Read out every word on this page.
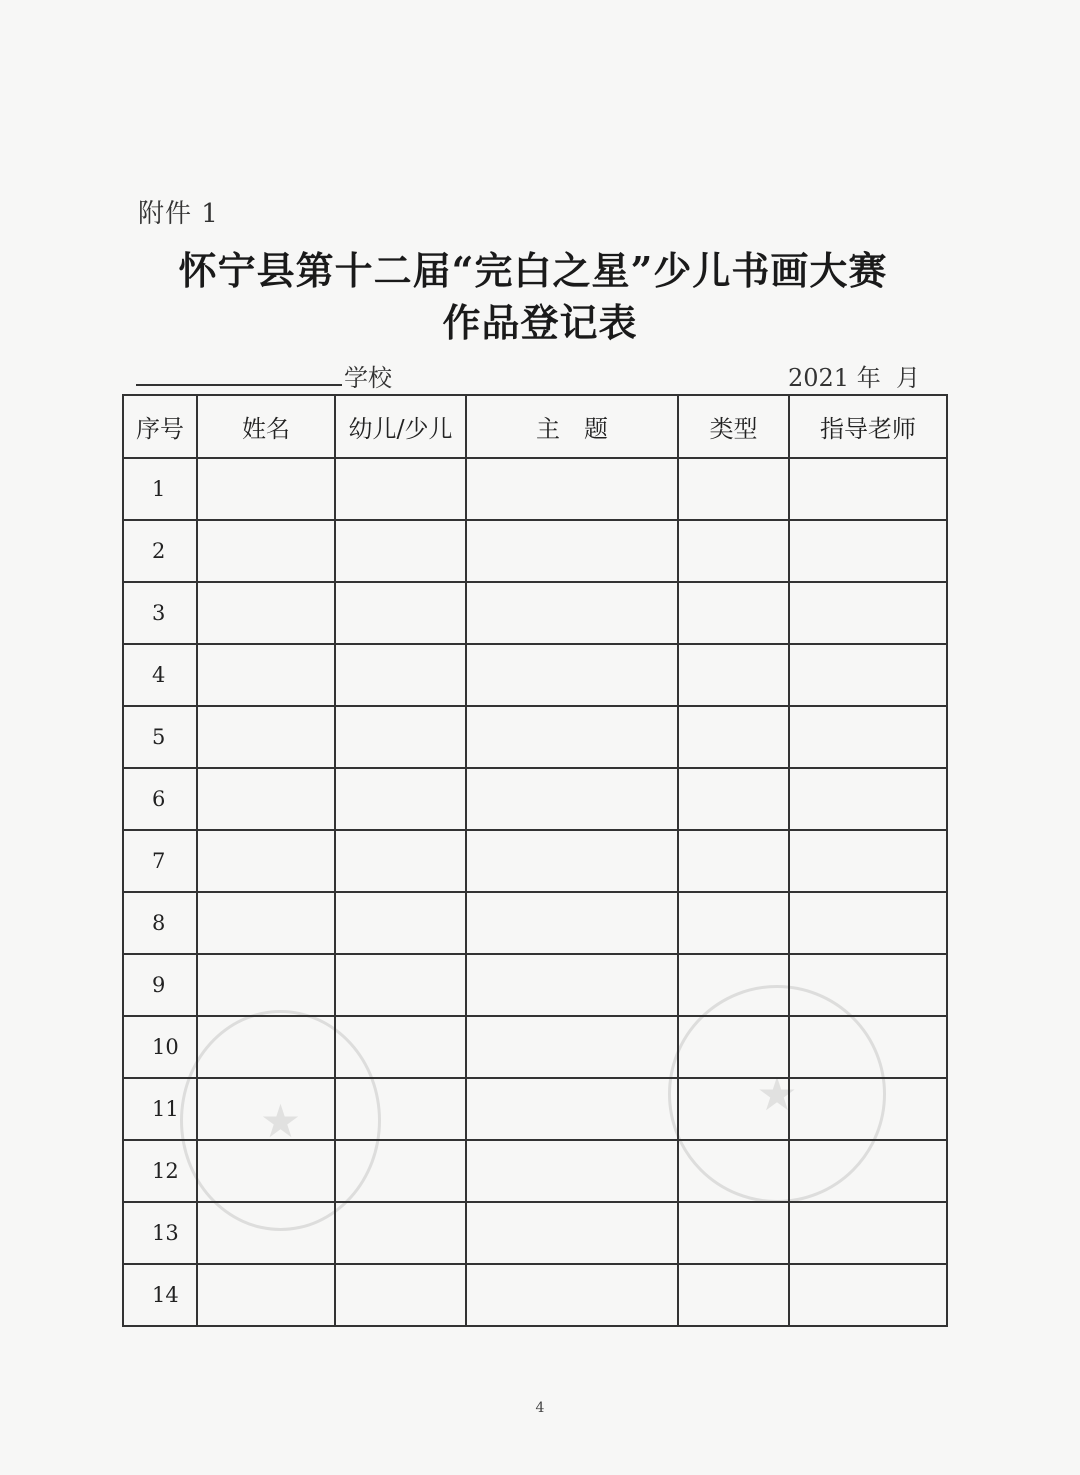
★	★
附件 1
怀宁县第十二届“完白之星”少儿书画大赛
作品登记表
学校	2021 年 月
序号	姓名	幼儿/少儿	主　题	类型	指导老师
1					
2					
3					
4					
5					
6					
7					
8					
9					
10					
11					
12					
13					
14					
4
